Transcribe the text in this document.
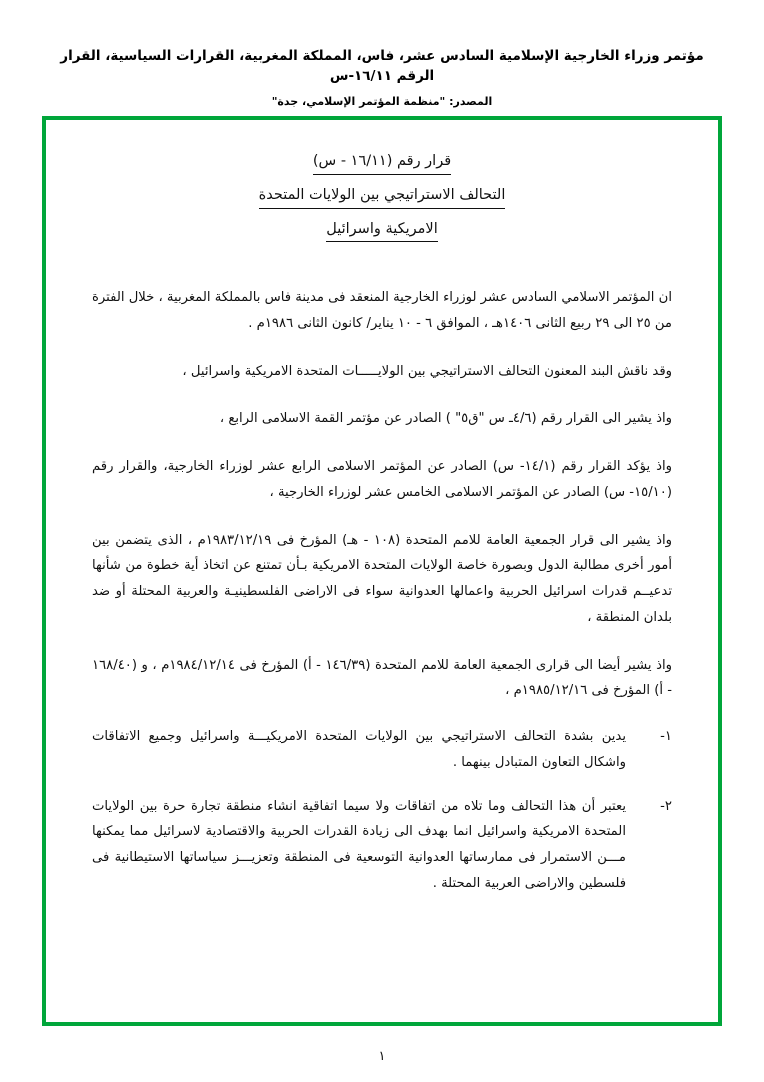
مؤتمر وزراء الخارجية الإسلامية السادس عشر، فاس، المملكة المغربية، القرارات السياسية، القرار الرقم ١٦/١١-س
المصدر: "منظمة المؤتمر الإسلامي، جدة"
قرار رقم (١٦/١١ - س)
التحالف الاستراتيجي بين الولايات المتحدة
الامريكية واسرائيل

ان المؤتمر الاسلامي السادس عشر لوزراء الخارجية المنعقد فى مدينة فاس بالمملكة المغربية ، خلال الفترة من ٢٥ الى ٢٩ ربيع الثانى ١٤٠٦هـ ، الموافق ٦ - ١٠ يناير/ كانون الثانى ١٩٨٦م .

وقد ناقش البند المعنون التحالف الاستراتيجي بين الولايـــــات المتحدة الامريكية واسرائيل ،

واذ يشير الى القرار رقم (٤/٦ـ س "ق٥" ) الصادر عن مؤتمر القمة الاسلامى الرابع ،

واذ يؤكد القرار رقم (١٤/١- س) الصادر عن المؤتمر الاسلامى الرابع عشر لوزراء الخارجية، والقرار رقم (١٥/١٠- س) الصادر عن المؤتمر الاسلامى الخامس عشر لوزراء الخارجية ،

واذ يشير الى قرار الجمعية العامة للامم المتحدة (١٠٨ - هـ) المؤرخ فى ١٩٨٣/١٢/١٩م ، الذى يتضمن بين أمور أخرى مطالبة الدول وبصورة خاصة الولايات المتحدة الامريكية بـأن تمتنع عن اتخاذ أية خطوة من شأنها تدعيــم قدرات اسرائيل الحربية واعمالها العدوانية سواء فى الاراضى الفلسطينيـة والعربية المحتلة أو ضد بلدان المنطقة ،

واذ يشير أيضا الى قرارى الجمعية العامة للامم المتحدة (١٤٦/٣٩ - أ) المؤرخ فى ١٩٨٤/١٢/١٤م ، و (١٦٨/٤٠ - أ) المؤرخ فى ١٩٨٥/١٢/١٦م ،

١-
يدين بشدة التحالف الاستراتيجي بين الولايات المتحدة الامريكيـــة واسرائيل وجميع الاتفاقات واشكال التعاون المتبادل بينهما .
٢-
يعتبر أن هذا التحالف وما تلاه من اتفاقات ولا سيما اتفاقية انشاء منطقة تجارة حرة بين الولايات المتحدة الامريكية واسرائيل انما بهدف الى زيادة القدرات الحربية والاقتصادية لاسرائيل مما يمكنها مـــن الاستمرار فى ممارساتها العدوانية التوسعية فى المنطقة وتعزيـــز سياساتها الاستيطانية فى فلسطين والاراضى العربية المحتلة .
١
